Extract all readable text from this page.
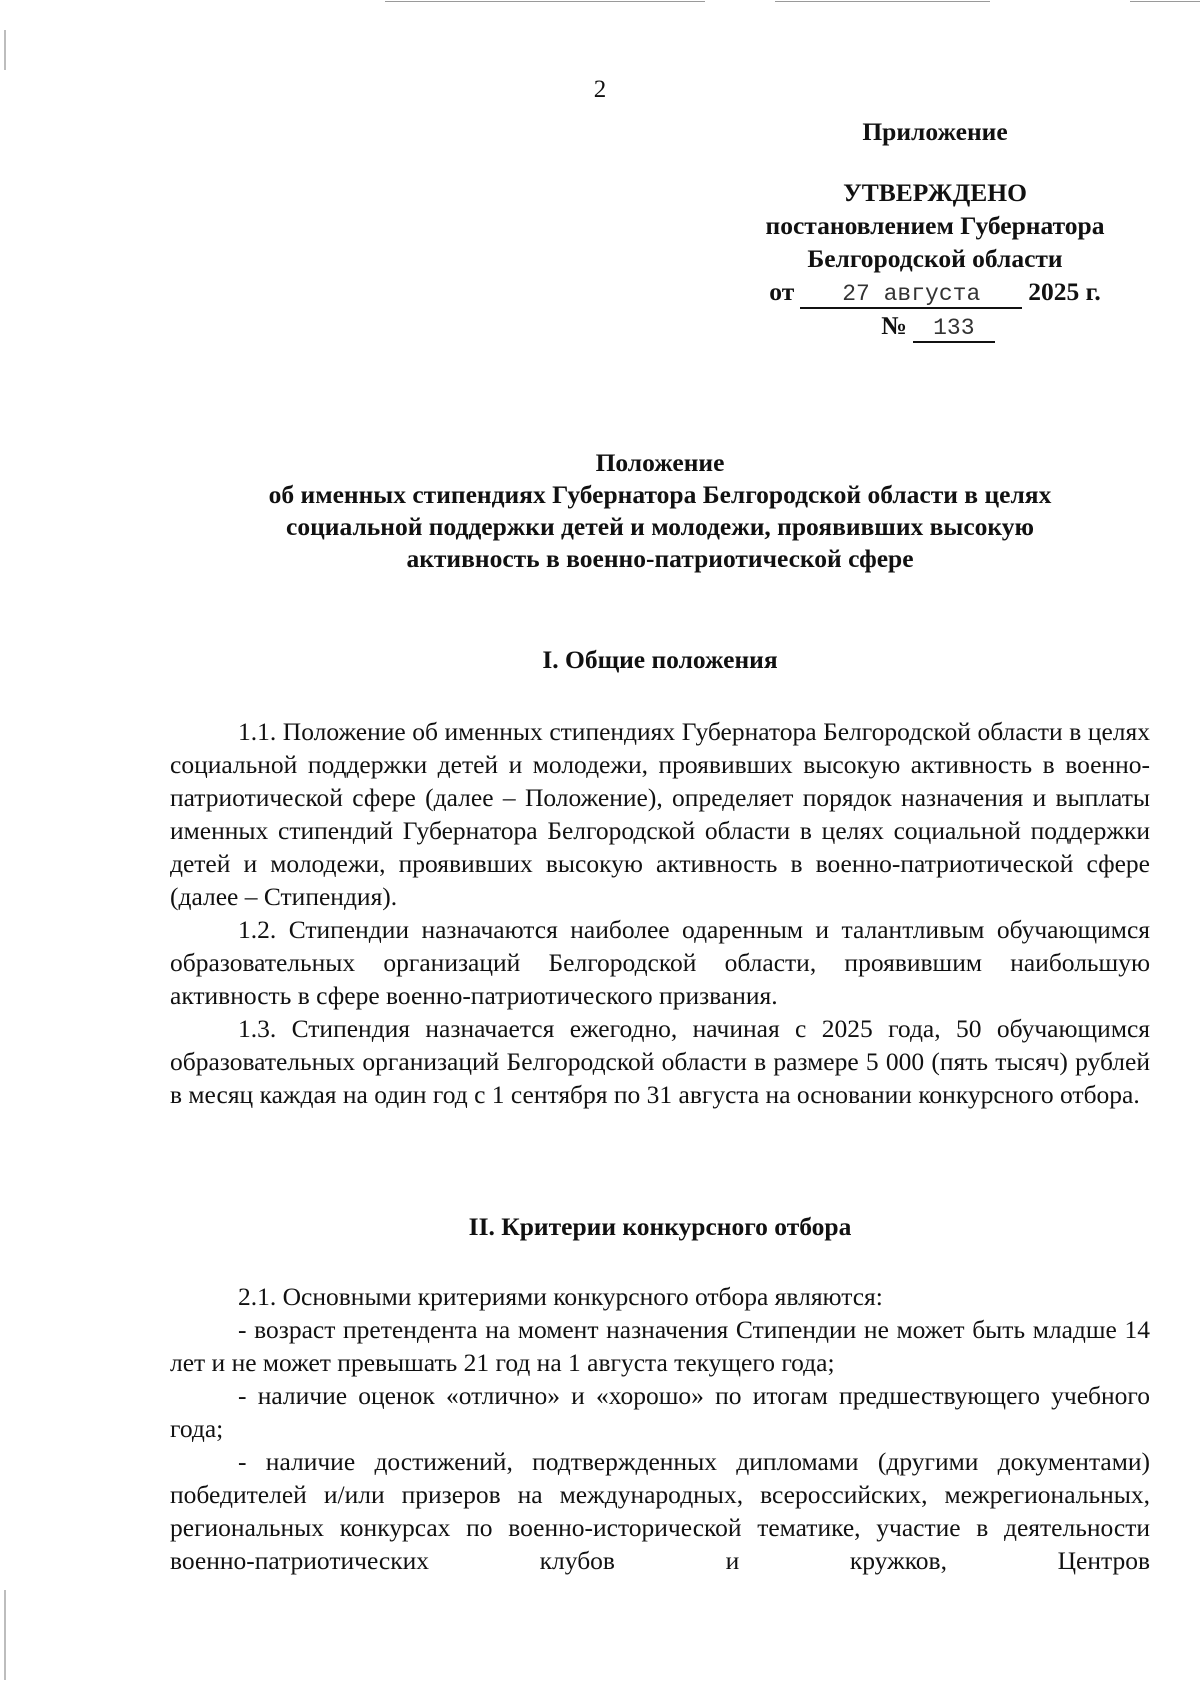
2
Приложение
УТВЕРЖДЕНО
постановлением Губернатора
Белгородской области
от 27 августа 2025 г.
№ 133
Положение
об именных стипендиях Губернатора Белгородской области в целях
социальной поддержки детей и молодежи, проявивших высокую
активность в военно-патриотической сфере
I. Общие положения

1.1. Положение об именных стипендиях Губернатора Белгородской области в целях социальной поддержки детей и молодежи, проявивших высокую активность в военно-патриотической сфере (далее – Положение), определяет порядок назначения и выплаты именных стипендий Губернатора Белгородской области в целях социальной поддержки детей и молодежи, проявивших высокую активность в военно-патриотической сфере (далее – Стипендия).

1.2. Стипендии назначаются наиболее одаренным и талантливым обучающимся образовательных организаций Белгородской области, проявившим наибольшую активность в сфере военно-патриотического призвания.

1.3. Стипендия назначается ежегодно, начиная с 2025 года, 50 обучающимся образовательных организаций Белгородской области в размере 5 000 (пять тысяч) рублей в месяц каждая на один год с 1 сентября по 31 августа на основании конкурсного отбора.

II. Критерии конкурсного отбора

2.1. Основными критериями конкурсного отбора являются:

- возраст претендента на момент назначения Стипендии не может быть младше 14 лет и не может превышать 21 год на 1 августа текущего года;

- наличие оценок «отлично» и «хорошо» по итогам предшествующего учебного года;

- наличие достижений, подтвержденных дипломами (другими документами) победителей и/или призеров на международных, всероссийских, межрегиональных, региональных конкурсах по военно-исторической тематике, участие в деятельности военно-патриотических клубов и кружков, Центров
